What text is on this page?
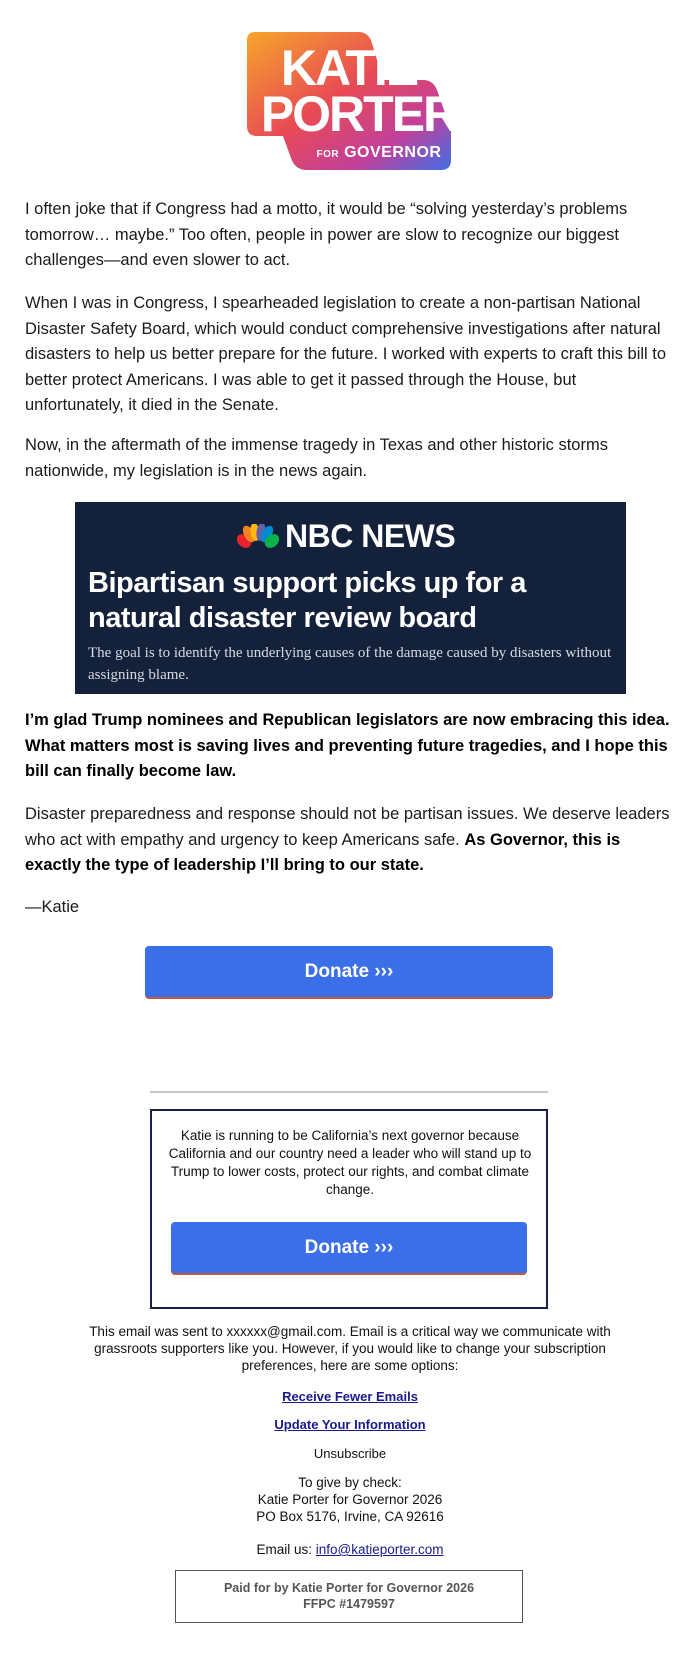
KATIE
PORTER
FOR GOVERNOR

I often joke that if Congress had a motto, it would be “solving yesterday’s problems tomorrow… maybe.” Too often, people in power are slow to recognize our biggest challenges—and even slower to act.

When I was in Congress, I spearheaded legislation to create a non-partisan National Disaster Safety Board, which would conduct comprehensive investigations after natural disasters to help us better prepare for the future. I worked with experts to craft this bill to better protect Americans. I was able to get it passed through the House, but unfortunately, it died in the Senate.

Now, in the aftermath of the immense tragedy in Texas and other historic storms nationwide, my legislation is in the news again.

NBC NEWS
Bipartisan support picks up for a natural disaster review board
The goal is to identify the underlying causes of the damage caused by disasters without assigning blame.

I’m glad Trump nominees and Republican legislators are now embracing this idea. What matters most is saving lives and preventing future tragedies, and I hope this bill can finally become law.

Disaster preparedness and response should not be partisan issues. We deserve leaders who act with empathy and urgency to keep Americans safe. As Governor, this is exactly the type of leadership I’ll bring to our state.

—Katie

Donate ›››

Katie is running to be California’s next governor because California and our country need a leader who will stand up to Trump to lower costs, protect our rights, and combat climate change.

Donate ›››

This email was sent to xxxxxx@gmail.com. Email is a critical way we communicate with grassroots supporters like you. However, if you would like to change your subscription preferences, here are some options:

Receive Fewer Emails
Update Your Information
Unsubscribe
To give by check:
Katie Porter for Governor 2026
PO Box 5176, Irvine, CA 92616
Email us: info@katieporter.com
Paid for by Katie Porter for Governor 2026
FFPC #1479597
